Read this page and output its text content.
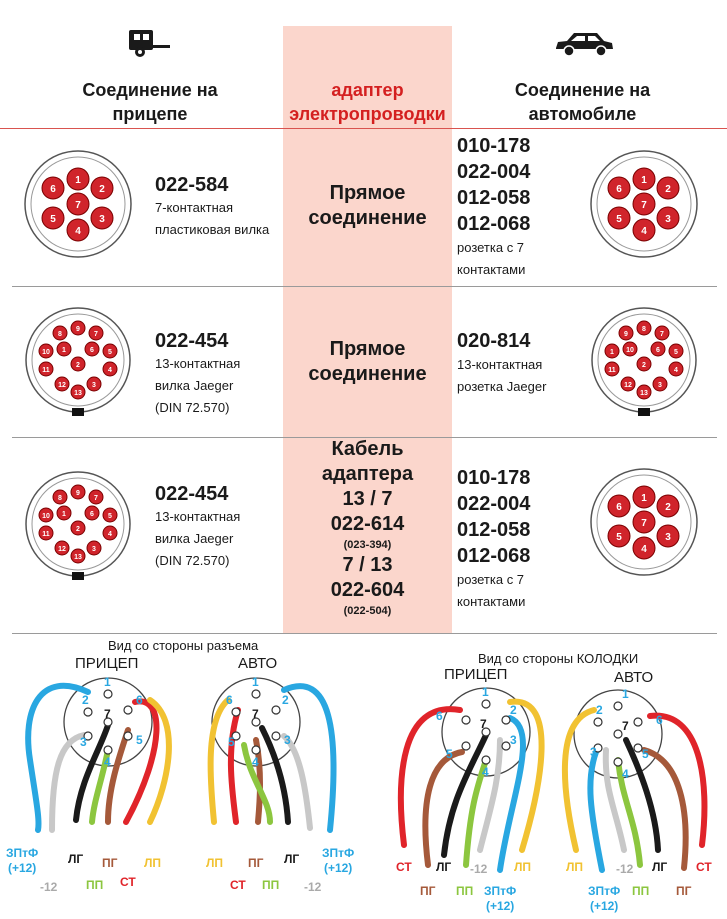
Соединение на прицепе
адаптер электропроводки
Соединение на автомобиле
1
2
3
4
5
6
7
022-584
7-контактная
пластиковая вилка
Прямое
соединение
010-178
022-004
012-058
012-068
розетка с 7
контактами
1
2
3
4
5
6
7
8
9
7
10 1	6 5
11
2
4
12	3
13
022-454
13-контактная
вилка Jaeger
(DIN 72.570)
Прямое
соединение
020-814
13-контактная
розетка Jaeger
9
8
7
1 10	6 5
11
2
4
12	3
13
8
9
7
10 1	6 5
11
2
4
12	3
13
022-454
13-контактная
вилка Jaeger
(DIN 72.570)
Кабель
адаптера
13 / 7
022-614
(023-394)
7 / 13
022-604
(022-504)
010-178
022-004
012-058
012-068
розетка с 7
контактами
1
2
3
4
5
6
7
Вид со стороны разъема
Вид со стороны КОЛОДКИ
ПРИЦЕП	АВТО
ПРИЦЕП	АВТО
1
2	6
7
3	5
4
1
6	2
7
5	3
4
1
6	2
7
5
3
4
1
2
6
7
3	5
4
ЗПтФ
(+12)
-12
ЛГ
ПП
ПГ
СТ
ЛП	ЛП
СТ
ПГ
ПП
ЛГ
-12
ЗПтФ
(+12)	СТ
ПГ
ЛГ
ПП
-12
ЗПтФ
(+12)
ЛП	ЛП
ЗПтФ
(+12)
-12
ПП
ЛГ
ПГ
СТ
